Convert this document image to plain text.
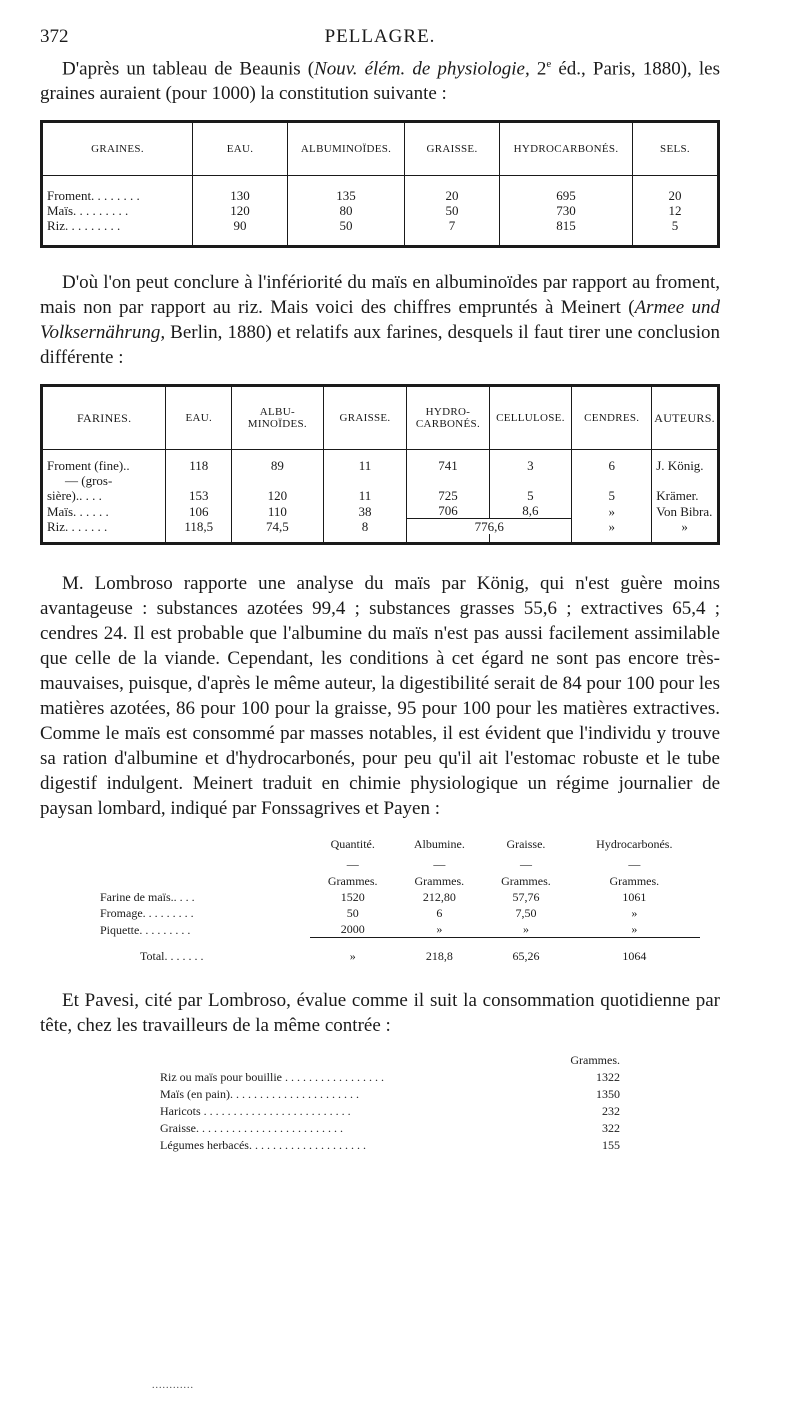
372	PELLAGRE.

D'après un tableau de Beaunis (Nouv. élém. de physiologie, 2e éd., Paris, 1880), les graines auraient (pour 1000) la constitution suivante :

GRAINES.	EAU.	ALBUMINOÏDES.	GRAISSE.	HYDROCARBONÉS.	SELS.

Froment. . . . . . . .	130	135	20	695	20
Maïs. . . . . . . . .	120	80	50	730	12
Riz. . . . . . . . .	90	50	7	815	5

D'où l'on peut conclure à l'infériorité du maïs en albuminoïdes par rapport au froment, mais non par rapport au riz. Mais voici des chiffres empruntés à Meinert (Armee und Volksernährung, Berlin, 1880) et relatifs aux farines, desquels il faut tirer une conclusion différente :

FARINES.	EAU.	ALBU-MINOÏDES.	GRAISSE.	HYDRO-CARBONÉS.	CELLULOSE.	CENDRES.	AUTEURS.

Froment (fine)..	118	89	11	741	3	6	J. König.
— (gros-							
sière).. . . .	153	120	11	725	5	5	Krämer.
Maïs. . . . . .	106	110	38	706	8,6	»	Von Bibra.
Riz. . . . . . .	118,5	74,5	8	776,6		»	»

M. Lombroso rapporte une analyse du maïs par König, qui n'est guère moins avantageuse : substances azotées 99,4 ; substances grasses 55,6 ; extractives 65,4 ; cendres 24. Il est probable que l'albumine du maïs n'est pas aussi facilement assimilable que celle de la viande. Cependant, les conditions à cet égard ne sont pas encore très-mauvaises, puisque, d'après le même auteur, la digestibilité serait de 84 pour 100 pour les matières azotées, 86 pour 100 pour la graisse, 95 pour 100 pour les matières extractives. Comme le maïs est consommé par masses notables, il est évident que l'individu y trouve sa ration d'albumine et d'hydrocarbonés, pour peu qu'il ait l'estomac robuste et le tube digestif indulgent. Meinert traduit en chimie physiologique un régime journalier de paysan lombard, indiqué par Fonssagrives et Payen :

	Quantité.	Albumine.	Graisse.	Hydrocarbonés.
	—	—	—	—
	Grammes.	Grammes.	Grammes.	Grammes.
Farine de maïs.. . . .	1520	212,80	57,76	1061
Fromage. . . . . . . . .	50	6	7,50	»
Piquette. . . . . . . . .	2000	»	»	»

Total. . . . . . .	»	218,8	65,26	1064

Et Pavesi, cité par Lombroso, évalue comme il suit la consommation quotidienne par tête, chez les travailleurs de la même contrée :

	Grammes.
Riz ou maïs pour bouillie . . . . . . . . . . . . . . . . .	1322
Maïs (en pain). . . . . . . . . . . . . . . . . . . . . .	1350
Haricots . . . . . . . . . . . . . . . . . . . . . . . . .	232
Graisse. . . . . . . . . . . . . . . . . . . . . . . . .	322
Légumes herbacés. . . . . . . . . . . . . . . . . . . .	155
............
